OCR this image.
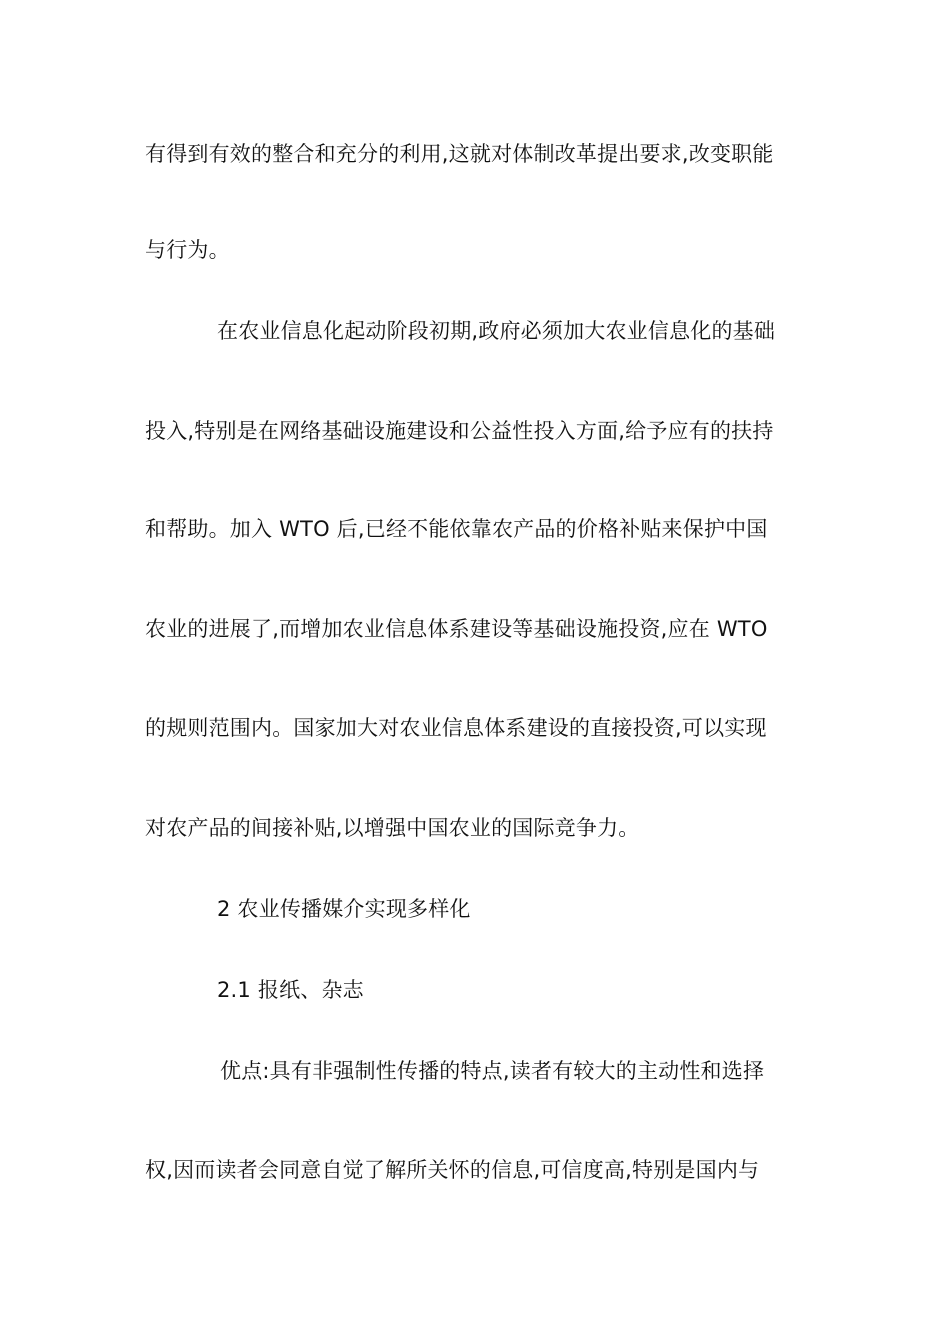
有得到有效的整合和充分的利用,这就对体制改革提出要求,改变职能
与行为。
在农业信息化起动阶段初期,政府必须加大农业信息化的基础
投入,特别是在网络基础设施建设和公益性投入方面,给予应有的扶持
和帮助。加入 WTO 后,已经不能依靠农产品的价格补贴来保护中国
农业的进展了,而增加农业信息体系建设等基础设施投资,应在 WTO
的规则范围内。国家加大对农业信息体系建设的直接投资,可以实现
对农产品的间接补贴,以增强中国农业的国际竞争力。
2 农业传播媒介实现多样化
2.1 报纸、杂志
优点:具有非强制性传播的特点,读者有较大的主动性和选择
权,因而读者会同意自觉了解所关怀的信息,可信度高,特别是国内与
